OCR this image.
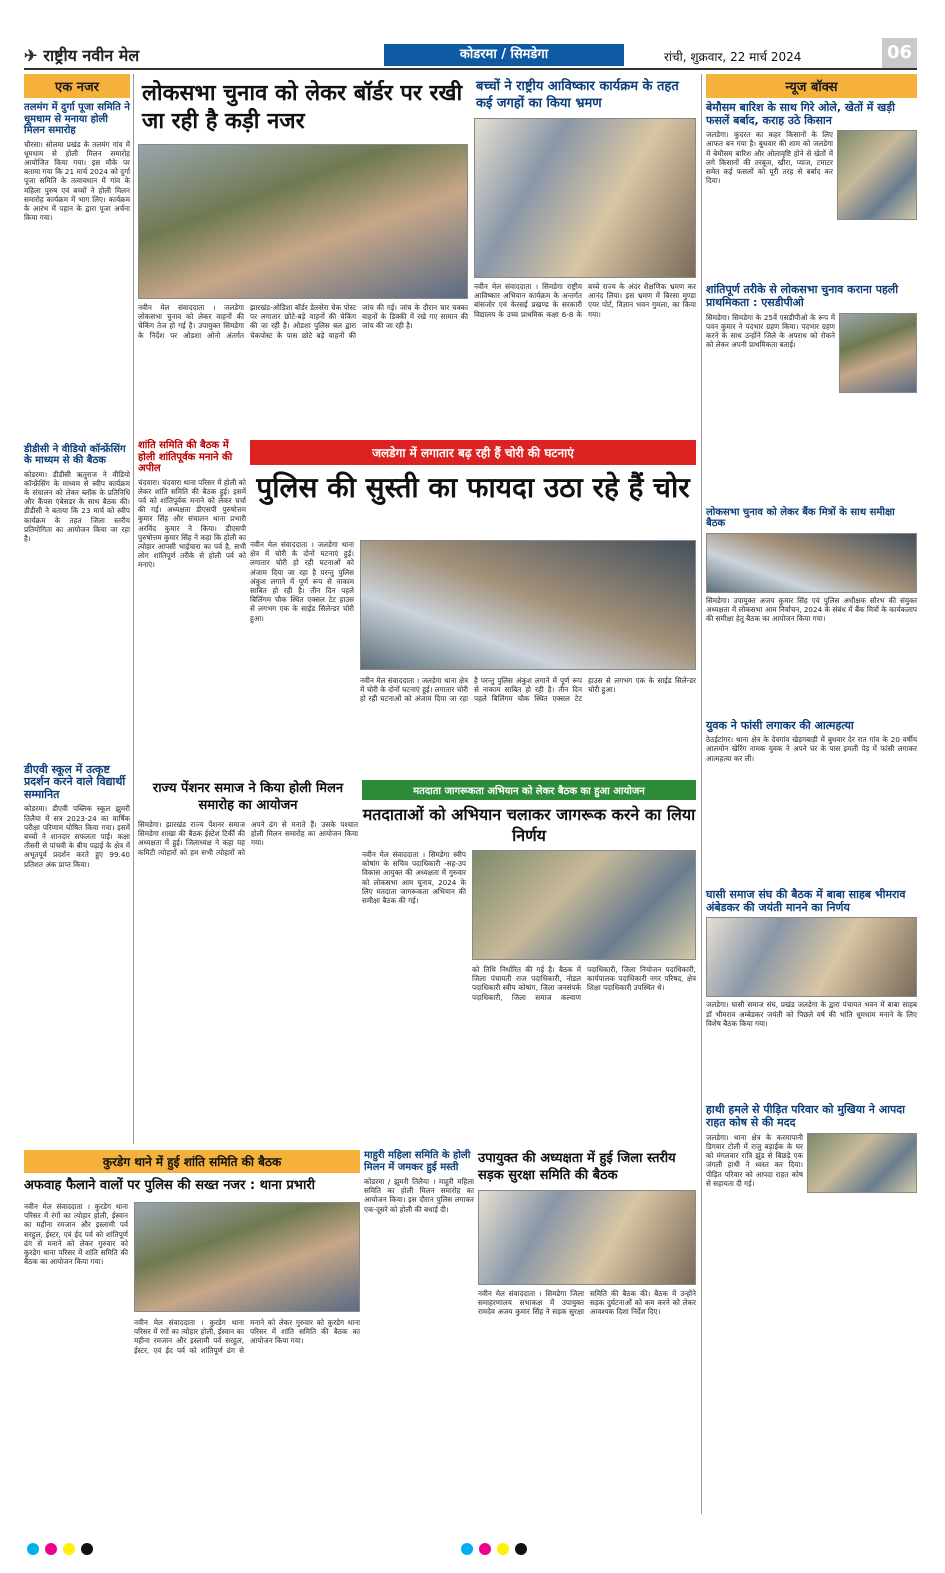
✈ राष्ट्रीय नवीन मेल	कोडरमा / सिमडेगा	रांची, शुक्रवार, 22 मार्च 2024	06
एक नजर
तलमंग में दुर्गा पूजा समिति ने धूमधाम से मनाया होली मिलन समारोह
चौरसा। सोलमा प्रखंड के तलमंग गांव में धूमधाम से होली मिलन समारोह आयोजित किया गया। इस मौके पर बताया गया कि 21 मार्च 2024 को दुर्गा पूजा समिति के तत्वावधान में गांव के महिला पुरुष एवं बच्चों ने होली मिलन समारोह कार्यक्रम में भाग लिए। कार्यक्रम के आरंभ में पहान के द्वारा पूजा अर्चना किया गया।
डीडीसी ने वीडियो कॉन्फ्रेंसिंग के माध्यम से की बैठक
कोडरमा। डीडीसी ऋतुराज ने वीडियो कॉन्फ्रेंसिंग के माध्यम से स्वीप कार्यक्रम के संचालन को लेकर ब्लॉक के प्रतिनिधि और कैंपस एंबेसडर के साथ बैठक की। डीडीसी ने बताया कि 23 मार्च को स्वीप कार्यक्रम के तहत जिला स्तरीय प्रतियोगिता का आयोजन किया जा रहा है।
डीएवी स्कूल में उत्कृष्ट प्रदर्शन करने वाले विद्यार्थी सम्मानित
कोडरमा। डीएवी पब्लिक स्कूल झुमरी तिलैया में सत्र 2023-24 का वार्षिक परीक्षा परिणाम घोषित किया गया। इसमें बच्चों ने शानदार सफलता पाई। कक्षा तीसरी से पांचवी के बीच पढ़ाई के क्षेत्र में अभूतपूर्व प्रदर्शन करते हुए 99.40 प्रतिशत अंक प्राप्त किया।
लोकसभा चुनाव को लेकर बॉर्डर पर रखी जा रही है कड़ी नजर
नवीन मेल संवाददाता । जलडेगा लोकसभा चुनाव को लेकर वाहनों की चेकिंग तेज हो गई है। उपायुक्त सिमडेगा के निर्देश पर ओडशा ओनो अंतर्गत झारखंड-ओडिशा बॉर्डर डेलसेरा चेक पोस्ट पर लगातार छोटे-बड़े वाहनों की चेकिंग की जा रही है। ओडशा पुलिस बल द्वारा चेकपोस्ट के पास छोटे बड़े वाहनों की जांच की गई। जांच के दौरान चार चक्का वाहनों के डिक्की में रखे गए सामान की जांच की जा रही है।
बच्चों ने राष्ट्रीय आविष्कार कार्यक्रम के तहत कई जगहों का किया भ्रमण
नवीन मेल संवाददाता । सिमडेगा राष्ट्रीय आविष्कार अभियान कार्यक्रम के अन्तर्गत बांसजोर एवं केरसई प्रखण्ड के सरकारी विद्यालय के उच्च प्राथमिक कक्षा 6-8 के बच्चे राज्य के अंदर शैक्षणिक भ्रमण कर आनंद लिया। इस भ्रमण में बिरसा मुण्डा एयर पोर्ट, विज्ञान भवन गुमला, का किया गया।
शांति समिति की बैठक में होली शांतिपूर्वक मनाने की अपील
चंदवारा। चंदवारा थाना परिसर में होली को लेकर शांति समिति की बैठक हुई। इसमें पर्व को शांतिपूर्वक मनाने को लेकर चर्चा की गई। अध्यक्षता डीएसपी पुरुषोत्तम कुमार सिंह और संचालन थाना प्रभारी अरविंद कुमार ने किया। डीएसपी पुरुषोत्तम कुमार सिंह ने कहा कि होली का त्योहार आपसी भाईचारा का पर्व है, सभी लोग शांतिपूर्ण तरीके से होली पर्व को मनाएं।
जलडेगा में लगातार बढ़ रही हैं चोरी की घटनाएं
पुलिस की सुस्ती का फायदा उठा रहे हैं चोर
नवीन मेल संवाददाता । जलडेगा थाना क्षेत्र में चोरी के दोनों घटनाएं हुई। लगातार चोरी हो रही घटनाओं को अंजाम दिया जा रहा है परन्तु पुलिस अंकुश लगाने में पूर्ण रूप से नाकाम साबित हो रही है। तीन दिन पहले बिलिंगम चौक स्थित एक्सल टेट हाउस से लगभग एक के साईड सिलेन्डर चोरी हुआ।
नवीन मेल संवाददाता । जलडेगा थाना क्षेत्र में चोरी के दोनों घटनाएं हुई। लगातार चोरी हो रही घटनाओं को अंजाम दिया जा रहा है परन्तु पुलिस अंकुश लगाने में पूर्ण रूप से नाकाम साबित हो रही है। तीन दिन पहले बिलिंगम चौक स्थित एक्सल टेट हाउस से लगभग एक के साईड सिलेन्डर चोरी हुआ।
राज्य पेंशनर समाज ने किया होली मिलन समारोह का आयोजन
सिमडेगा। झारखंड राज्य पेंशनर समाज सिमडेगा शाखा की बैठक ईस्टेश टिर्की की अध्यक्षता में हुई। जिलाध्यक्ष ने कहा यह कमिटी त्योहारों को हम सभी त्योहारों को अपने ढंग से मनाते हैं। उसके पश्चात होली मिलन समारोह का आयोजन किया गया।
मतदाता जागरूकता अभियान को लेकर बैठक का हुआ आयोजन
मतदाताओं को अभियान चलाकर जागरूक करने का लिया निर्णय
नवीन मेल संवाददाता । सिमडेगा स्वीप कोषांग के सचिव पदाधिकारी -सह-उप विकास आयुक्त की अध्यक्षता में गुरुवार को लोकसभा आम चुनाव, 2024 के लिए मतदाता जागरूकता अभियान की समीक्षा बैठक की गई।
को तिथि निर्धारित की गई है। बैठक में जिला पंचायती राज पदाधिकारी, नोडल पदाधिकारी स्वीप कोषांग, जिला जनसंपर्क पदाधिकारी, जिला समाज कल्याण पदाधिकारी, जिला नियोजन पदाधिकारी, कार्यपालक पदाधिकारी नगर परिषद, क्षेत्र शिक्षा पदाधिकारी उपस्थित थे।
कुरडेग थाने में हुई शांति समिति की बैठक
अफवाह फैलाने वालों पर पुलिस की सख्त नजर : थाना प्रभारी
नवीन मेल संवाददाता । कुरडेग थाना परिसर में रंगों का त्योहार होली, ईस्वान का महीना रमजान और इस्लामी पर्व सरहुल, ईस्टर, एवं ईद पर्व को शांतिपूर्ण ढंग से मनाने को लेकर गुरुवार को कुरडेग थाना परिसर में शांति समिति की बैठक का आयोजन किया गया।
नवीन मेल संवाददाता । कुरडेग थाना परिसर में रंगों का त्योहार होली, ईस्वान का महीना रमजान और इस्लामी पर्व सरहुल, ईस्टर, एवं ईद पर्व को शांतिपूर्ण ढंग से मनाने को लेकर गुरुवार को कुरडेग थाना परिसर में शांति समिति की बैठक का आयोजन किया गया।
माहुरी महिला समिति के होली मिलन में जमकर हुई मस्ती
कोडरमा / झुमरी तिलैया । माहुरी महिला समिति का होली मिलन समारोह का आयोजन किया। इस दौरान पुलिस लगाकर एक-दूसरे को होली की बधाई दी।
उपायुक्त की अध्यक्षता में हुई जिला स्तरीय सड़क सुरक्षा समिति की बैठक
नवीन मेल संवाददाता । सिमडेगा जिला समाहरणालय सभाकक्ष में उपायुक्त रामदेव अजय कुमार सिंह ने सड़क सुरक्षा समिति की बैठक की। बैठक में उन्होंने सड़क दुर्घटनाओं को कम करने को लेकर आवश्यक दिशा निर्देश दिए।
न्यूज बॉक्स
बेमौसम बारिश के साथ गिरे ओले, खेतों में खड़ी फसलें बर्बाद, कराह उठे किसान
जलडेगा। कुदरत का कहर किसानों के लिए आफत बन गया है। बुधवार की शाम को जलडेगा में बेमौसम बारिश और ओलावृष्टि होने से खेतों में लगे किसानों की तरबूज, खीरा, प्याज, टमाटर समेत कई फसलों को पूरी तरह से बर्बाद कर दिया।
शांतिपूर्ण तरीके से लोकसभा चुनाव कराना पहली प्राथमिकता : एसडीपीओ
सिमडेगा। सिमडेगा के 25वें एसडीपीओ के रूप में पवन कुमार ने पदभार ग्रहण किया। पदभार ग्रहण करने के साथ उन्होंने जिले के अपराध को रोकने को लेकर अपनी प्राथमिकता बताई।
लोकसभा चुनाव को लेकर बैंक मित्रों के साथ समीक्षा बैठक
सिमडेगा। उपायुक्त अजय कुमार सिंह एवं पुलिस अधीक्षक सौरभ की संयुक्त अध्यक्षता में लोकसभा आम निर्वाचन, 2024 के संबंध में बैंक मित्रों के कार्यकलाप की समीक्षा हेतु बैठक का आयोजन किया गया।
युवक ने फांसी लगाकर की आत्महत्या
ठेठईटांगर। थाना क्षेत्र के देवगांव खेड़गबाड़ी में बुधवार देर रात गांव के 20 वर्षीय आलमोन खेरिंग नामक युवक ने अपने घर के पास इमली पेड़ में फांसी लगाकर आत्महत्या कर ली।
घासी समाज संघ की बैठक में बाबा साहब भीमराव अंबेडकर की जयंती मानने का निर्णय
जलडेगा। घासी समाज संघ, प्रखंड जलडेगा के द्वारा पंचायत भवन में बाबा साहब डॉ भीमराव अम्बेडकर जयंती को पिछले वर्ष की भांति धूमधाम मनाने के लिए विशेष बैठक किया गया।
हाथी हमले से पीड़ित परिवार को मुखिया ने आपदा राहत कोष से की मदद
जलडेगा। थाना क्षेत्र के करमापानी डिगवार टोली में राजु बड़ाईक के घर को मंगलवार रात्रि झुंड से बिछड़े एक जंगली हाथी ने ध्वस्त कर दिया। पीड़ित परिवार को आपदा राहत कोष से सहायता दी गई।
